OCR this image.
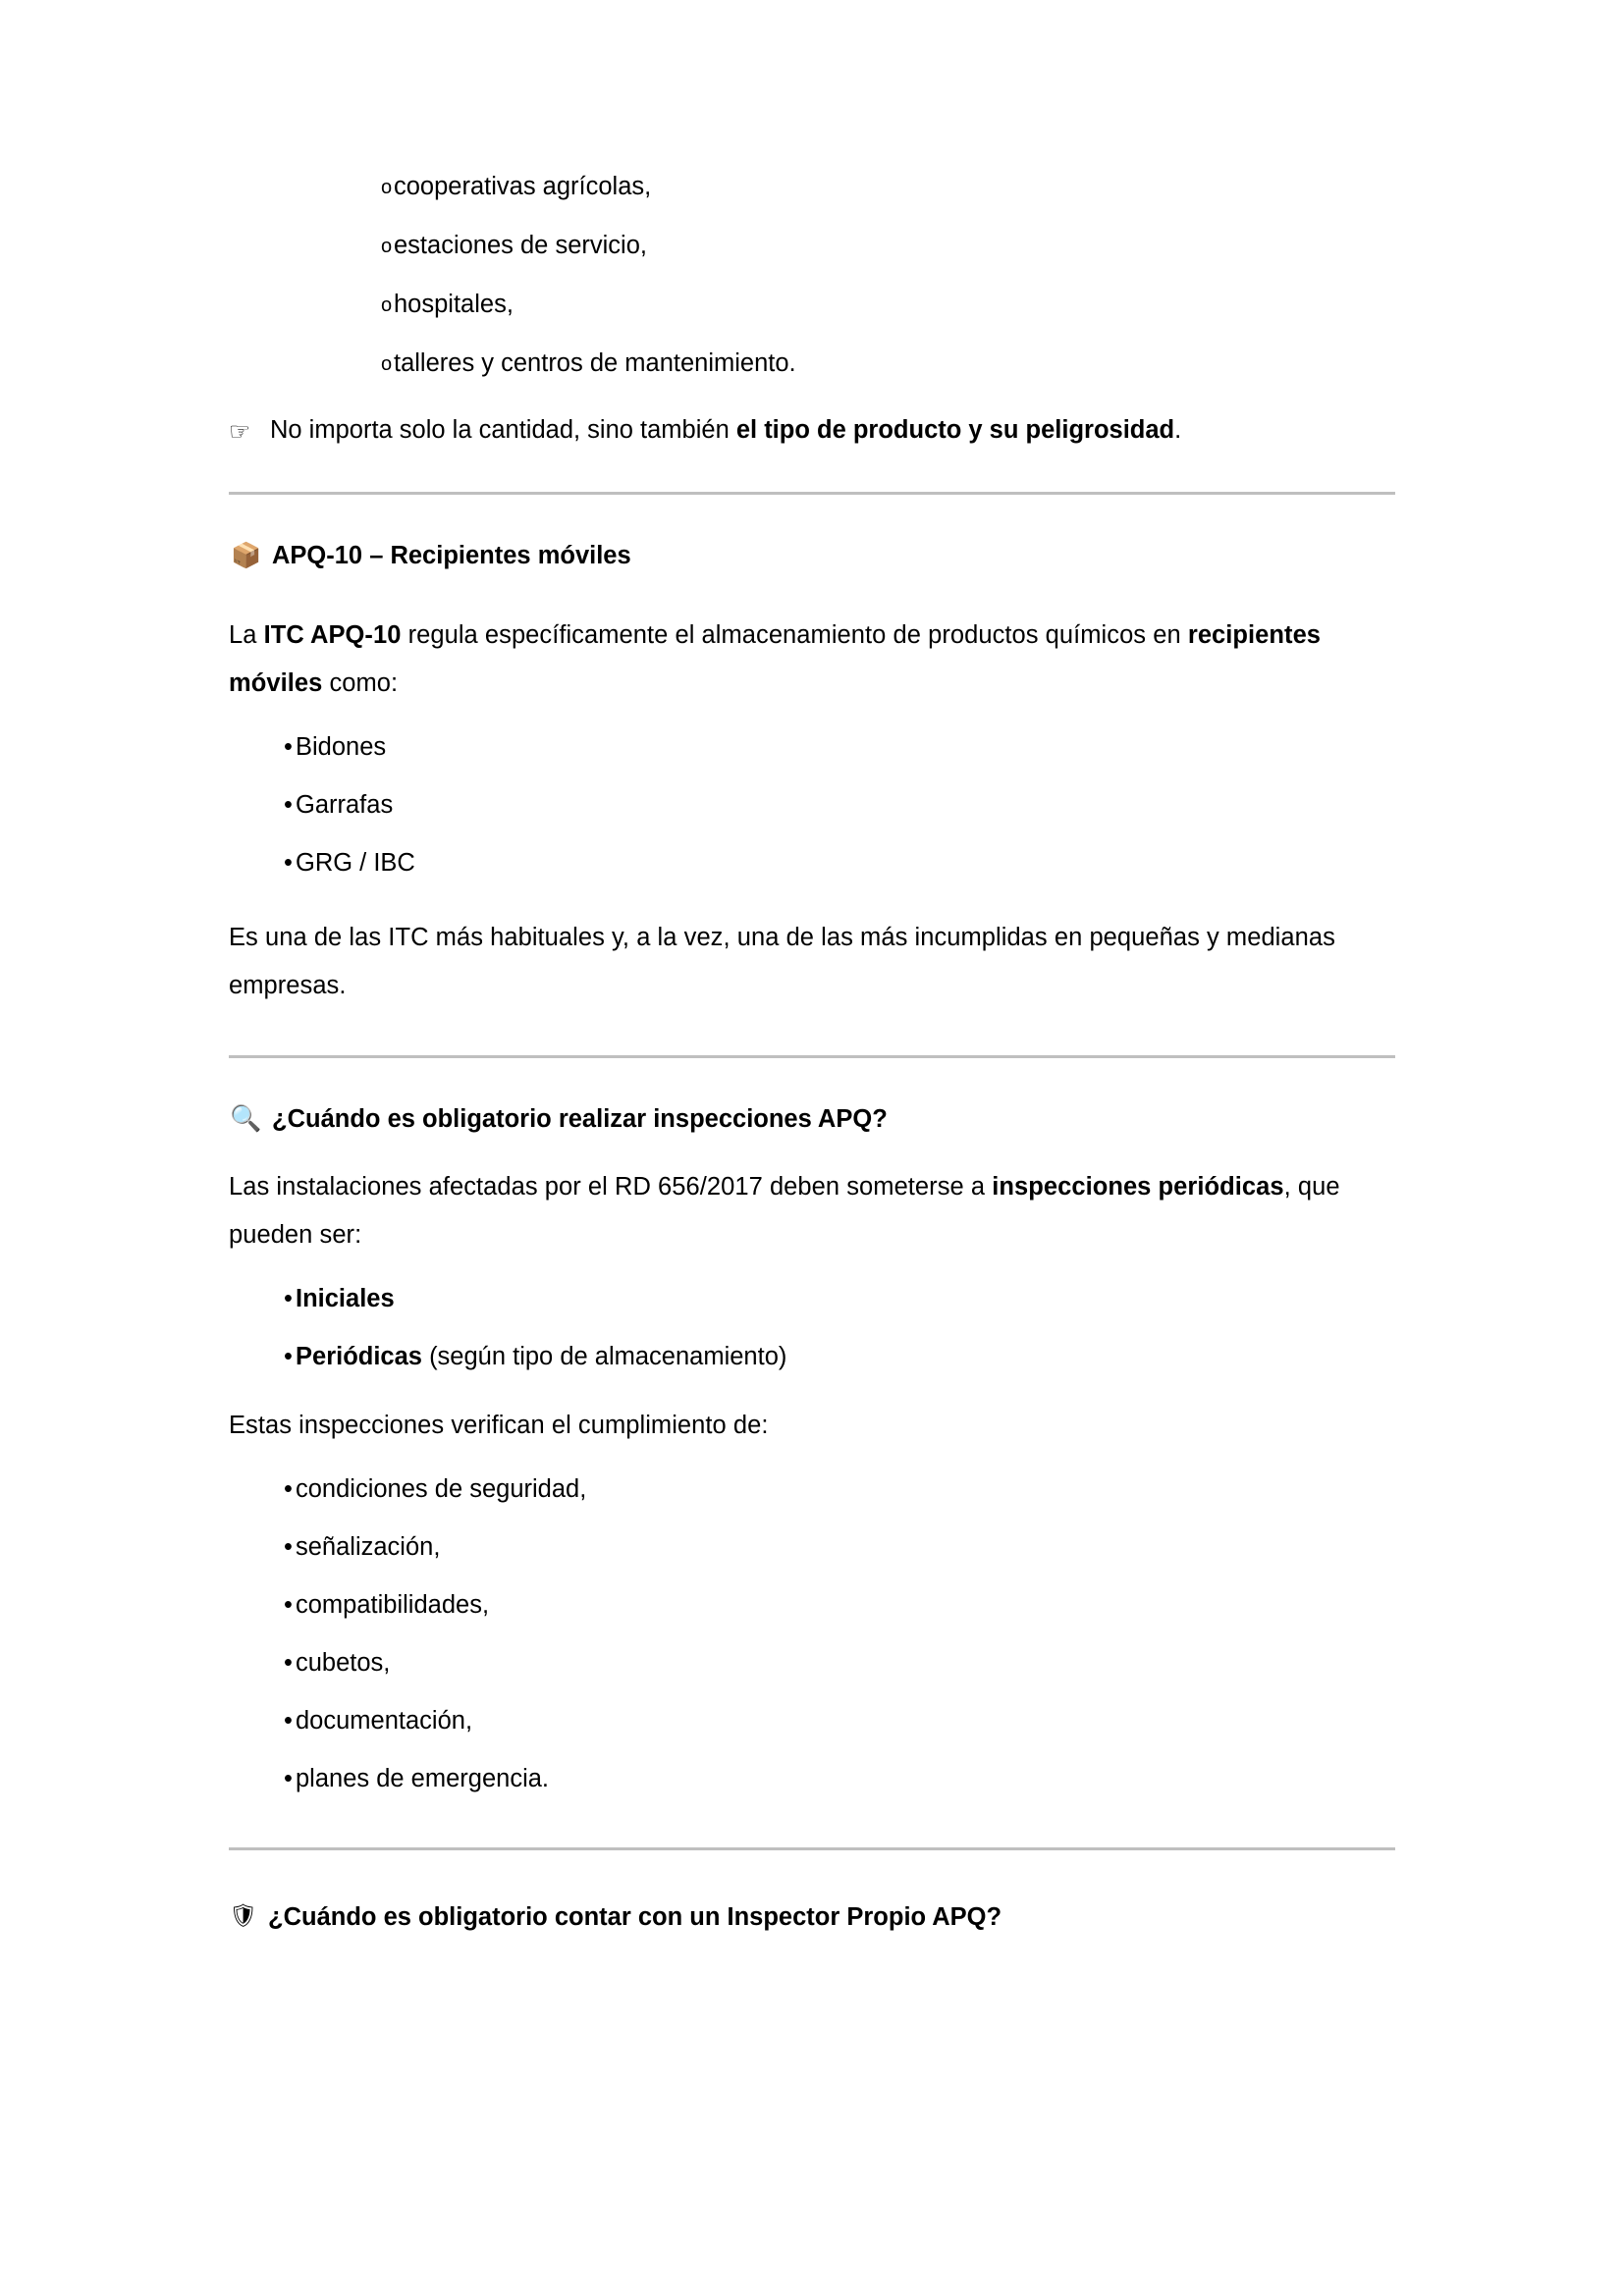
o cooperativas agrícolas,
o estaciones de servicio,
o hospitales,
o talleres y centros de mantenimiento.
☞ No importa solo la cantidad, sino también el tipo de producto y su peligrosidad.
📦 APQ-10 – Recipientes móviles

La ITC APQ-10 regula específicamente el almacenamiento de productos químicos en recipientes móviles como:

• Bidones
• Garrafas
• GRG / IBC

Es una de las ITC más habituales y, a la vez, una de las más incumplidas en pequeñas y medianas empresas.

🔍 ¿Cuándo es obligatorio realizar inspecciones APQ?

Las instalaciones afectadas por el RD 656/2017 deben someterse a inspecciones periódicas, que pueden ser:

• Iniciales
• Periódicas (según tipo de almacenamiento)

Estas inspecciones verifican el cumplimiento de:

• condiciones de seguridad,
• señalización,
• compatibilidades,
• cubetos,
• documentación,
• planes de emergencia.
🛡 ¿Cuándo es obligatorio contar con un Inspector Propio APQ?
